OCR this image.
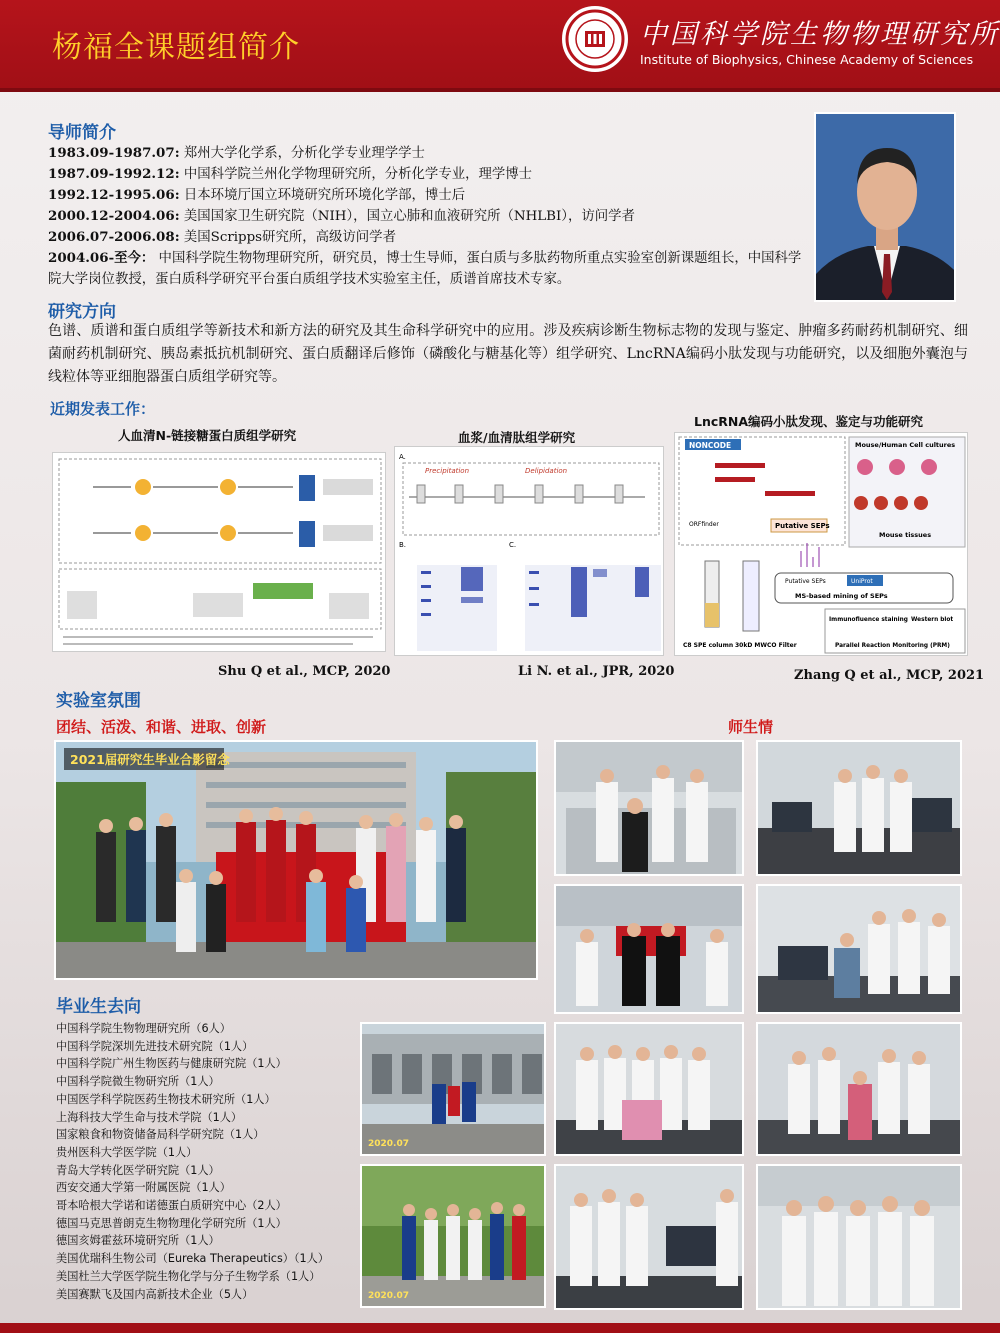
杨福全课题组简介	中国科学院生物物理研究所
Institute of Biophysics, Chinese Academy of Sciences
导师简介
1983.09-1987.07: 郑州大学化学系，分析化学专业理学学士
1987.09-1992.12: 中国科学院兰州化学物理研究所，分析化学专业，理学博士
1992.12-1995.06: 日本环境厅国立环境研究所环境化学部，博士后
2000.12-2004.06: 美国国家卫生研究院（NIH），国立心肺和血液研究所（NHLBI），访问学者
2006.07-2006.08: 美国Scripps研究所，高级访问学者
2004.06-至今： 中国科学院生物物理研究所，研究员，博士生导师，蛋白质与多肽药物所重点实验室创新课题组长，中国科学院大学岗位教授，蛋白质科学研究平台蛋白质组学技术实验室主任，质谱首席技术专家。
研究方向
色谱、质谱和蛋白质组学等新技术和新方法的研究及其生命科学研究中的应用。涉及疾病诊断生物标志物的发现与鉴定、肿瘤多药耐药机制研究、细菌耐药机制研究、胰岛素抵抗机制研究、蛋白质翻译后修饰（磷酸化与糖基化等）组学研究、LncRNA编码小肽发现与功能研究，以及细胞外囊泡与线粒体等亚细胞器蛋白质组学研究等。
近期发表工作：
人血清N-链接糖蛋白质组学研究	血浆/血清肽组学研究
LncRNA编码小肽发现、鉴定与功能研究
A.
Precipitation	Delipidation
B.	C.
NONCODE
Putative SEPs
ORFfinder
Mouse/Human Cell cultures
Mouse tissues
Putative SEPs	UniProt
MS-based mining of SEPs
C8 SPE column 30kD MWCO Filter
Immunofluence staining Western blot
Parallel Reaction Monitoring (PRM)
Shu Q et al., MCP, 2020	Li N. et al., JPR, 2020	Zhang Q et al., MCP, 2021
实验室氛围
团结、活泼、和谐、进取、创新	师生情
2021届研究生毕业合影留念
2020.07
2020.07
毕业生去向
中国科学院生物物理研究所（6人）
中国科学院深圳先进技术研究院（1人）
中国科学院广州生物医药与健康研究院（1人）
中国科学院微生物研究所（1人）
中国医学科学院医药生物技术研究所（1人）
上海科技大学生命与技术学院（1人）
国家粮食和物资储备局科学研究院（1人）
贵州医科大学医学院（1人）
青岛大学转化医学研究院（1人）
西安交通大学第一附属医院（1人）
哥本哈根大学诺和诺德蛋白质研究中心（2人）
德国马克思普朗克生物物理化学研究所（1人）
德国亥姆霍兹环境研究所（1人）
美国优瑞科生物公司（Eureka Therapeutics）（1人）
美国杜兰大学医学院生物化学与分子生物学系（1人）
美国赛默飞及国内高新技术企业（5人）
